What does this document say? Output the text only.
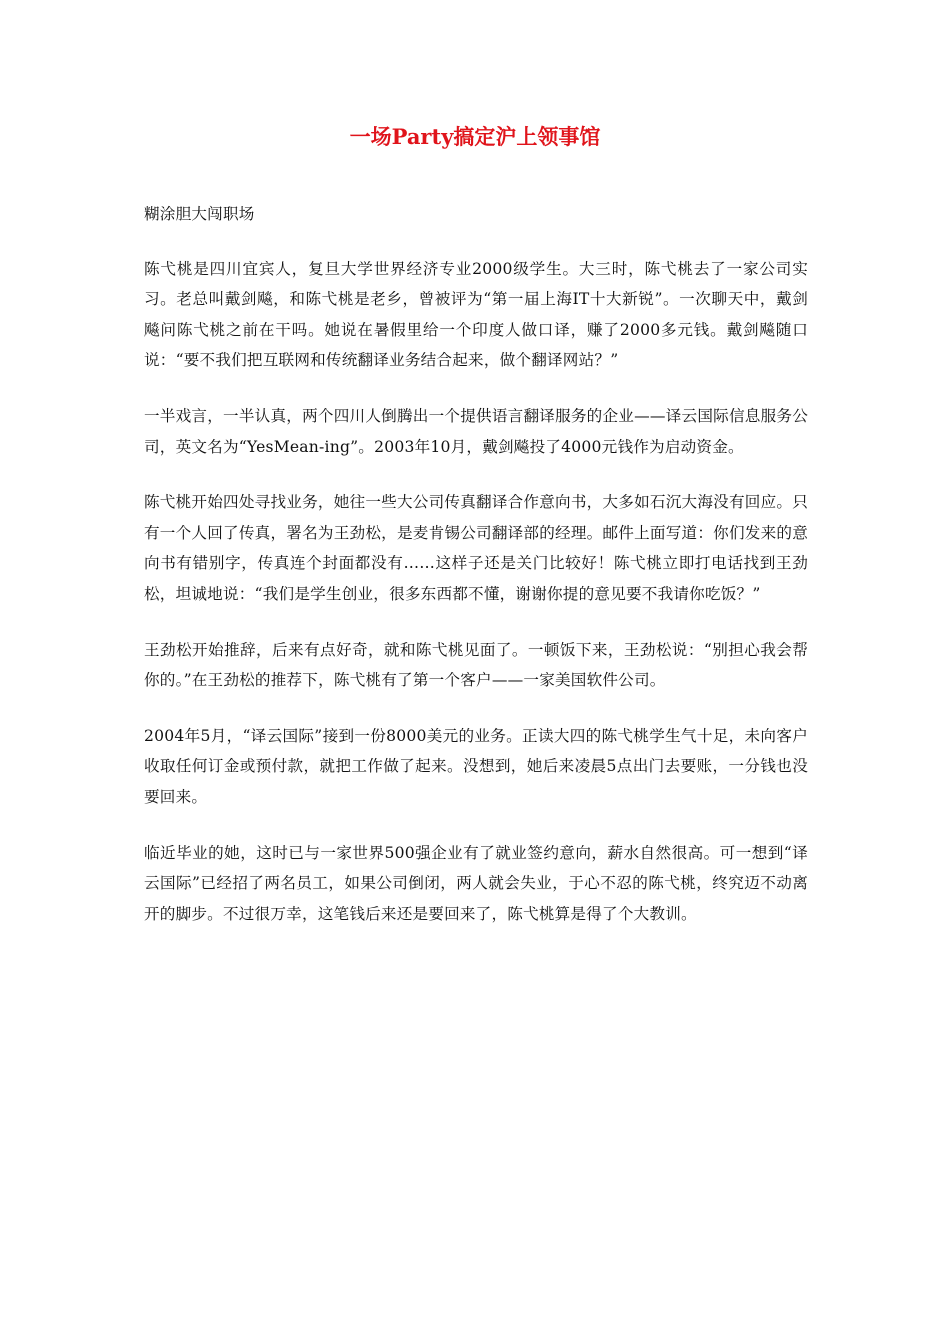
一场Party搞定沪上领事馆

糊涂胆大闯职场

陈弋桃是四川宜宾人，复旦大学世界经济专业2000级学生。大三时，陈弋桃去了一家公司实习。老总叫戴剑飚，和陈弋桃是老乡，曾被评为“第一届上海IT十大新锐”。一次聊天中，戴剑飚问陈弋桃之前在干吗。她说在暑假里给一个印度人做口译，赚了2000多元钱。戴剑飚随口说：“要不我们把互联网和传统翻译业务结合起来，做个翻译网站？”

一半戏言，一半认真，两个四川人倒腾出一个提供语言翻译服务的企业——译云国际信息服务公司，英文名为“YesMean-ing”。2003年10月，戴剑飚投了4000元钱作为启动资金。

陈弋桃开始四处寻找业务，她往一些大公司传真翻译合作意向书，大多如石沉大海没有回应。只有一个人回了传真，署名为王劲松，是麦肯锡公司翻译部的经理。邮件上面写道：你们发来的意向书有错别字，传真连个封面都没有……这样子还是关门比较好！陈弋桃立即打电话找到王劲松，坦诚地说：“我们是学生创业，很多东西都不懂，谢谢你提的意见要不我请你吃饭？”

王劲松开始推辞，后来有点好奇，就和陈弋桃见面了。一顿饭下来，王劲松说：“别担心我会帮你的。”在王劲松的推荐下，陈弋桃有了第一个客户——一家美国软件公司。

2004年5月，“译云国际”接到一份8000美元的业务。正读大四的陈弋桃学生气十足，未向客户收取任何订金或预付款，就把工作做了起来。没想到，她后来凌晨5点出门去要账，一分钱也没要回来。

临近毕业的她，这时已与一家世界500强企业有了就业签约意向，薪水自然很高。可一想到“译云国际”已经招了两名员工，如果公司倒闭，两人就会失业，于心不忍的陈弋桃，终究迈不动离开的脚步。不过很万幸，这笔钱后来还是要回来了，陈弋桃算是得了个大教训。
